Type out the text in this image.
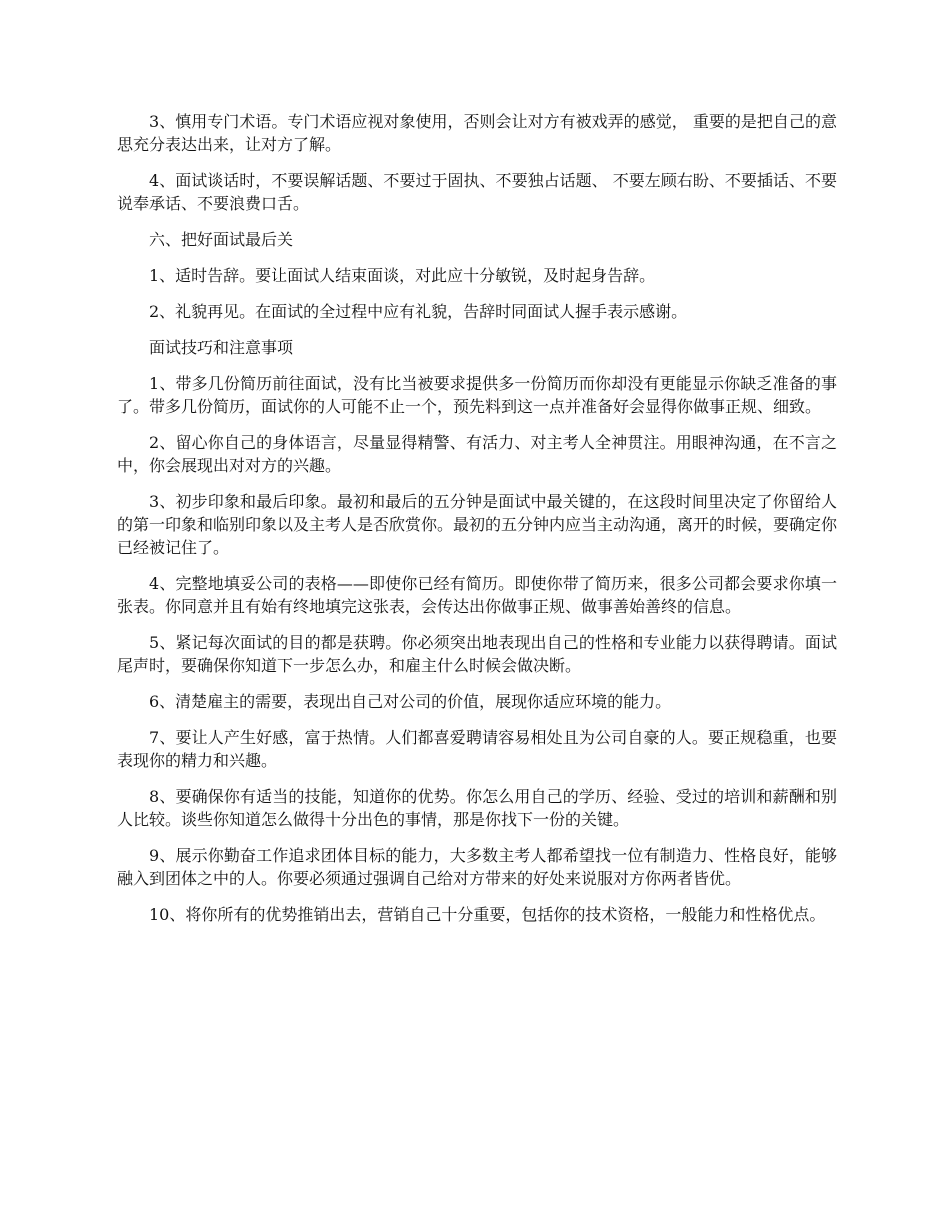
3、慎用专门术语。专门术语应视对象使用，否则会让对方有被戏弄的感觉， 重要的是把自己的意思充分表达出来，让对方了解。

4、面试谈话时，不要误解话题、不要过于固执、不要独占话题、 不要左顾右盼、不要插话、不要说奉承话、不要浪费口舌。

六、把好面试最后关

1、适时告辞。要让面试人结束面谈，对此应十分敏锐，及时起身告辞。

2、礼貌再见。在面试的全过程中应有礼貌，告辞时同面试人握手表示感谢。

面试技巧和注意事项

1、带多几份简历前往面试，没有比当被要求提供多一份简历而你却没有更能显示你缺乏准备的事了。带多几份简历，面试你的人可能不止一个，预先料到这一点并准备好会显得你做事正规、细致。

2、留心你自己的身体语言，尽量显得精警、有活力、对主考人全神贯注。用眼神沟通，在不言之中，你会展现出对对方的兴趣。

3、初步印象和最后印象。最初和最后的五分钟是面试中最关键的，在这段时间里决定了你留给人的第一印象和临别印象以及主考人是否欣赏你。最初的五分钟内应当主动沟通，离开的时候，要确定你已经被记住了。

4、完整地填妥公司的表格——即使你已经有简历。即使你带了简历来，很多公司都会要求你填一张表。你同意并且有始有终地填完这张表，会传达出你做事正规、做事善始善终的信息。

5、紧记每次面试的目的都是获聘。你必须突出地表现出自己的性格和专业能力以获得聘请。面试尾声时，要确保你知道下一步怎么办，和雇主什么时候会做决断。

6、清楚雇主的需要，表现出自己对公司的价值，展现你适应环境的能力。

7、要让人产生好感，富于热情。人们都喜爱聘请容易相处且为公司自豪的人。要正规稳重，也要表现你的精力和兴趣。

8、要确保你有适当的技能，知道你的优势。你怎么用自己的学历、经验、受过的培训和薪酬和别人比较。谈些你知道怎么做得十分出色的事情，那是你找下一份的关键。

9、展示你勤奋工作追求团体目标的能力，大多数主考人都希望找一位有制造力、性格良好，能够融入到团体之中的人。你要必须通过强调自己给对方带来的好处来说服对方你两者皆优。

10、将你所有的优势推销出去，营销自己十分重要，包括你的技术资格，一般能力和性格优点。
